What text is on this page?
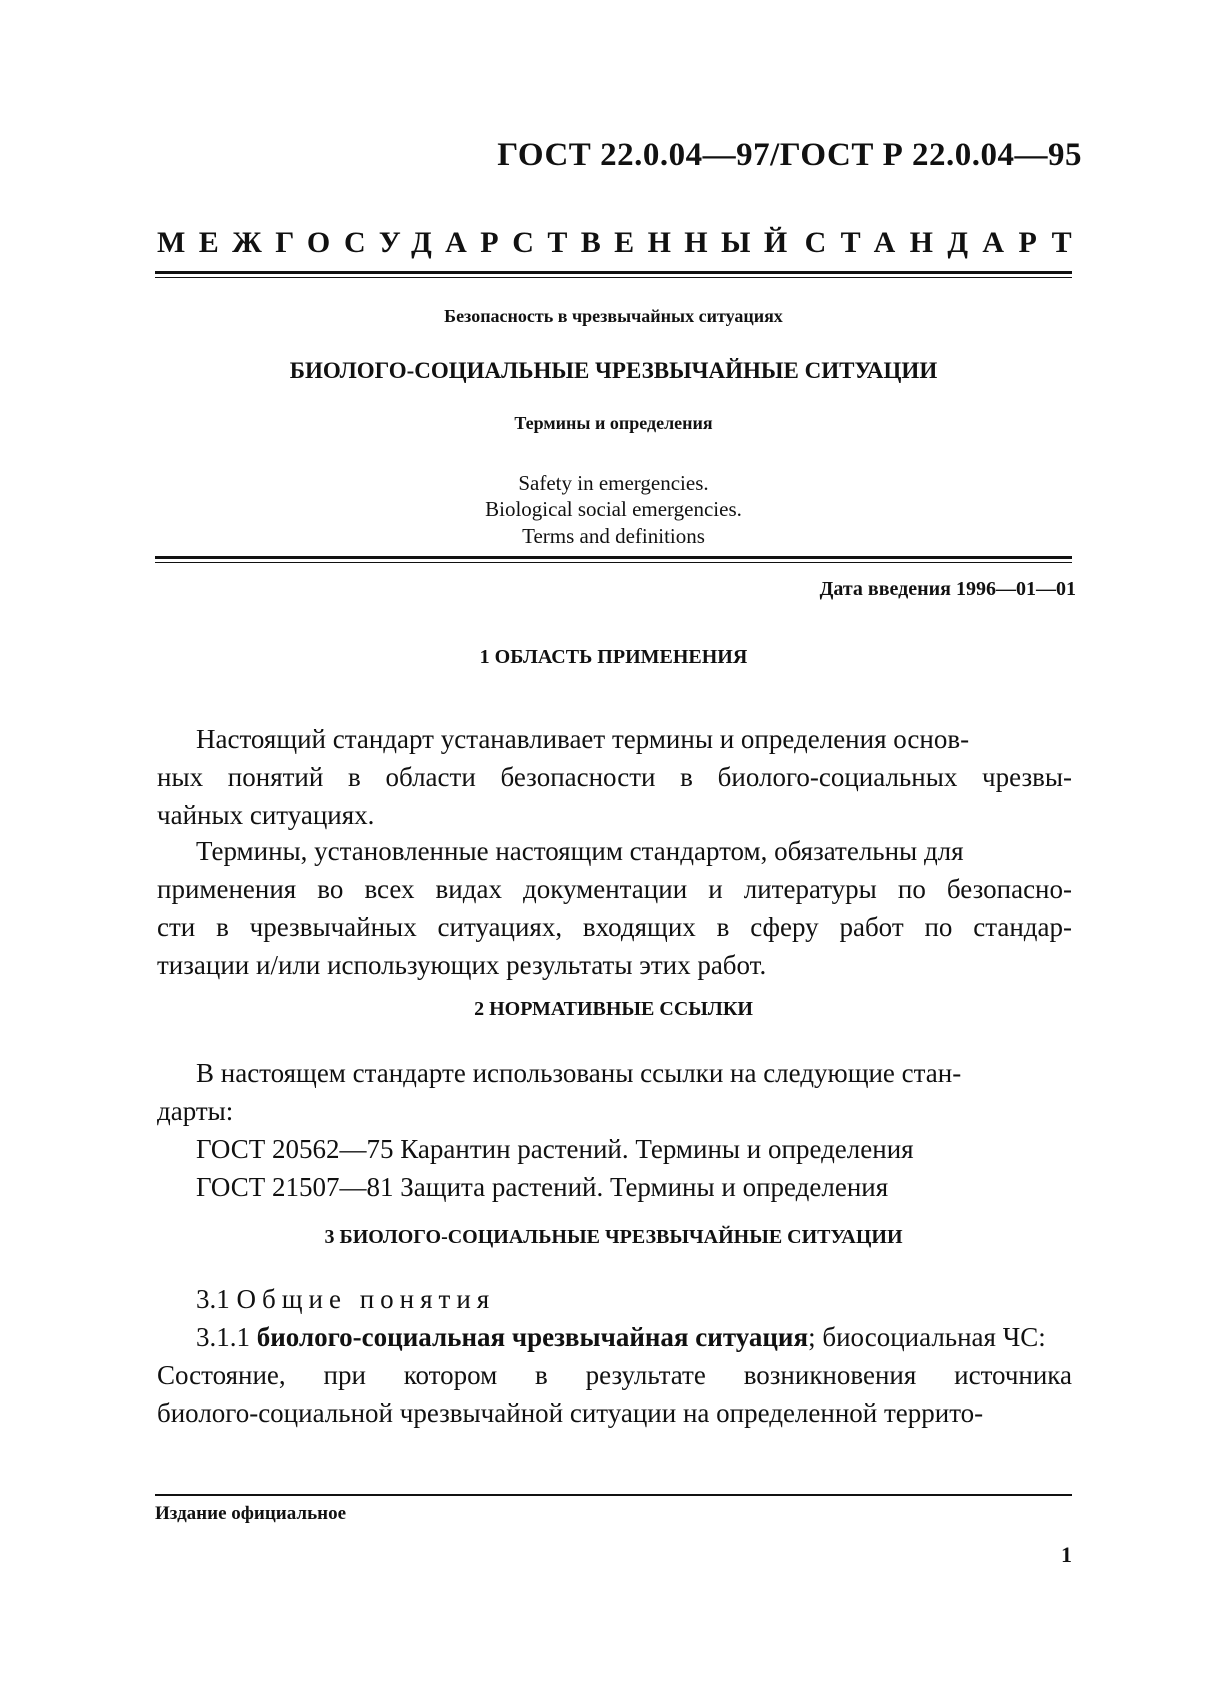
ГОСТ 22.0.04—97/ГОСТ Р 22.0.04—95
МЕЖГОСУДАРСТВЕННЫЙ СТАНДАРТ
Безопасность в чрезвычайных ситуациях
БИОЛОГО-СОЦИАЛЬНЫЕ ЧРЕЗВЫЧАЙНЫЕ СИТУАЦИИ
Термины и определения
Safety in emergencies.
Biological social emergencies.
Terms and definitions
Дата введения 1996—01—01
1 ОБЛАСТЬ ПРИМЕНЕНИЯ
Настоящий стандарт устанавливает термины и определения основ-
ных понятий в области безопасности в биолого-социальных чрезвы-
чайных ситуациях.
Термины, установленные настоящим стандартом, обязательны для
применения во всех видах документации и литературы по безопасно-
сти в чрезвычайных ситуациях, входящих в сферу работ по стандар-
тизации и/или использующих результаты этих работ.
2 НОРМАТИВНЫЕ ССЫЛКИ
В настоящем стандарте использованы ссылки на следующие стан-
дарты:
ГОСТ 20562—75 Карантин растений. Термины и определения
ГОСТ 21507—81 Защита растений. Термины и определения
3 БИОЛОГО-СОЦИАЛЬНЫЕ ЧРЕЗВЫЧАЙНЫЕ СИТУАЦИИ
3.1 Общие понятия
3.1.1 биолого-социальная чрезвычайная ситуация; биосоциальная ЧС:
Состояние, при котором в результате возникновения источника
биолого-социальной чрезвычайной ситуации на определенной террито-
Издание официальное
1
